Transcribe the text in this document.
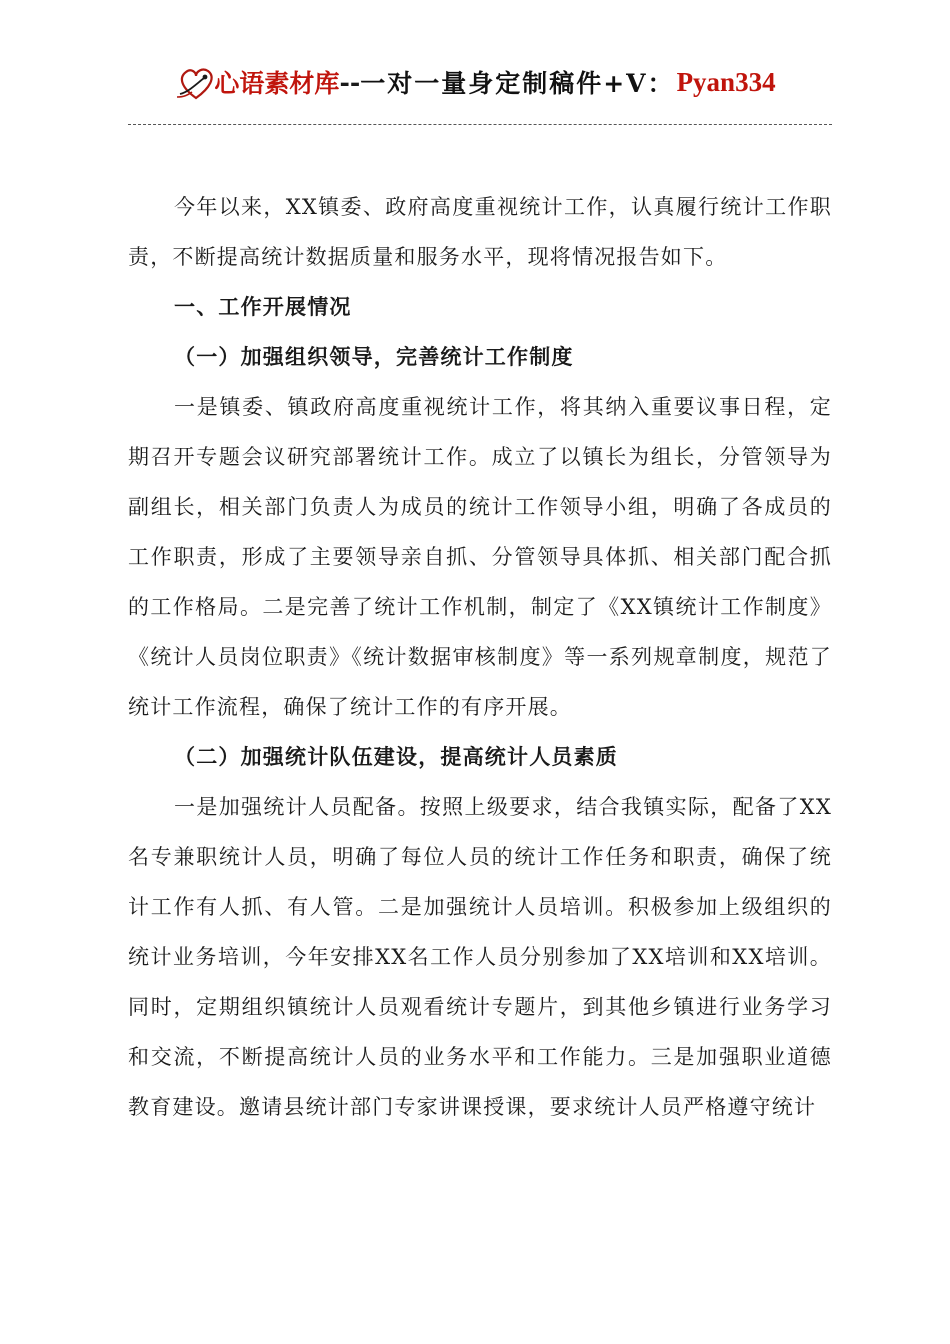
心语素材库 -- 一对一量身定制稿件+V： Pyan334

今年以来，XX镇委、政府高度重视统计工作，认真履行统计工作职责，不断提高统计数据质量和服务水平，现将情况报告如下。

一、工作开展情况

（一）加强组织领导，完善统计工作制度

一是镇委、镇政府高度重视统计工作，将其纳入重要议事日程，定期召开专题会议研究部署统计工作。成立了以镇长为组长，分管领导为副组长，相关部门负责人为成员的统计工作领导小组，明确了各成员的工作职责，形成了主要领导亲自抓、分管领导具体抓、相关部门配合抓的工作格局。二是完善了统计工作机制，制定了《XX镇统计工作制度》《统计人员岗位职责》《统计数据审核制度》等一系列规章制度，规范了统计工作流程，确保了统计工作的有序开展。

（二）加强统计队伍建设，提高统计人员素质

一是加强统计人员配备。按照上级要求，结合我镇实际，配备了XX名专兼职统计人员，明确了每位人员的统计工作任务和职责，确保了统计工作有人抓、有人管。二是加强统计人员培训。积极参加上级组织的统计业务培训，今年安排XX名工作人员分别参加了XX培训和XX培训。同时，定期组织镇统计人员观看统计专题片，到其他乡镇进行业务学习和交流，不断提高统计人员的业务水平和工作能力。三是加强职业道德教育建设。邀请县统计部门专家讲课授课，要求统计人员严格遵守统计
